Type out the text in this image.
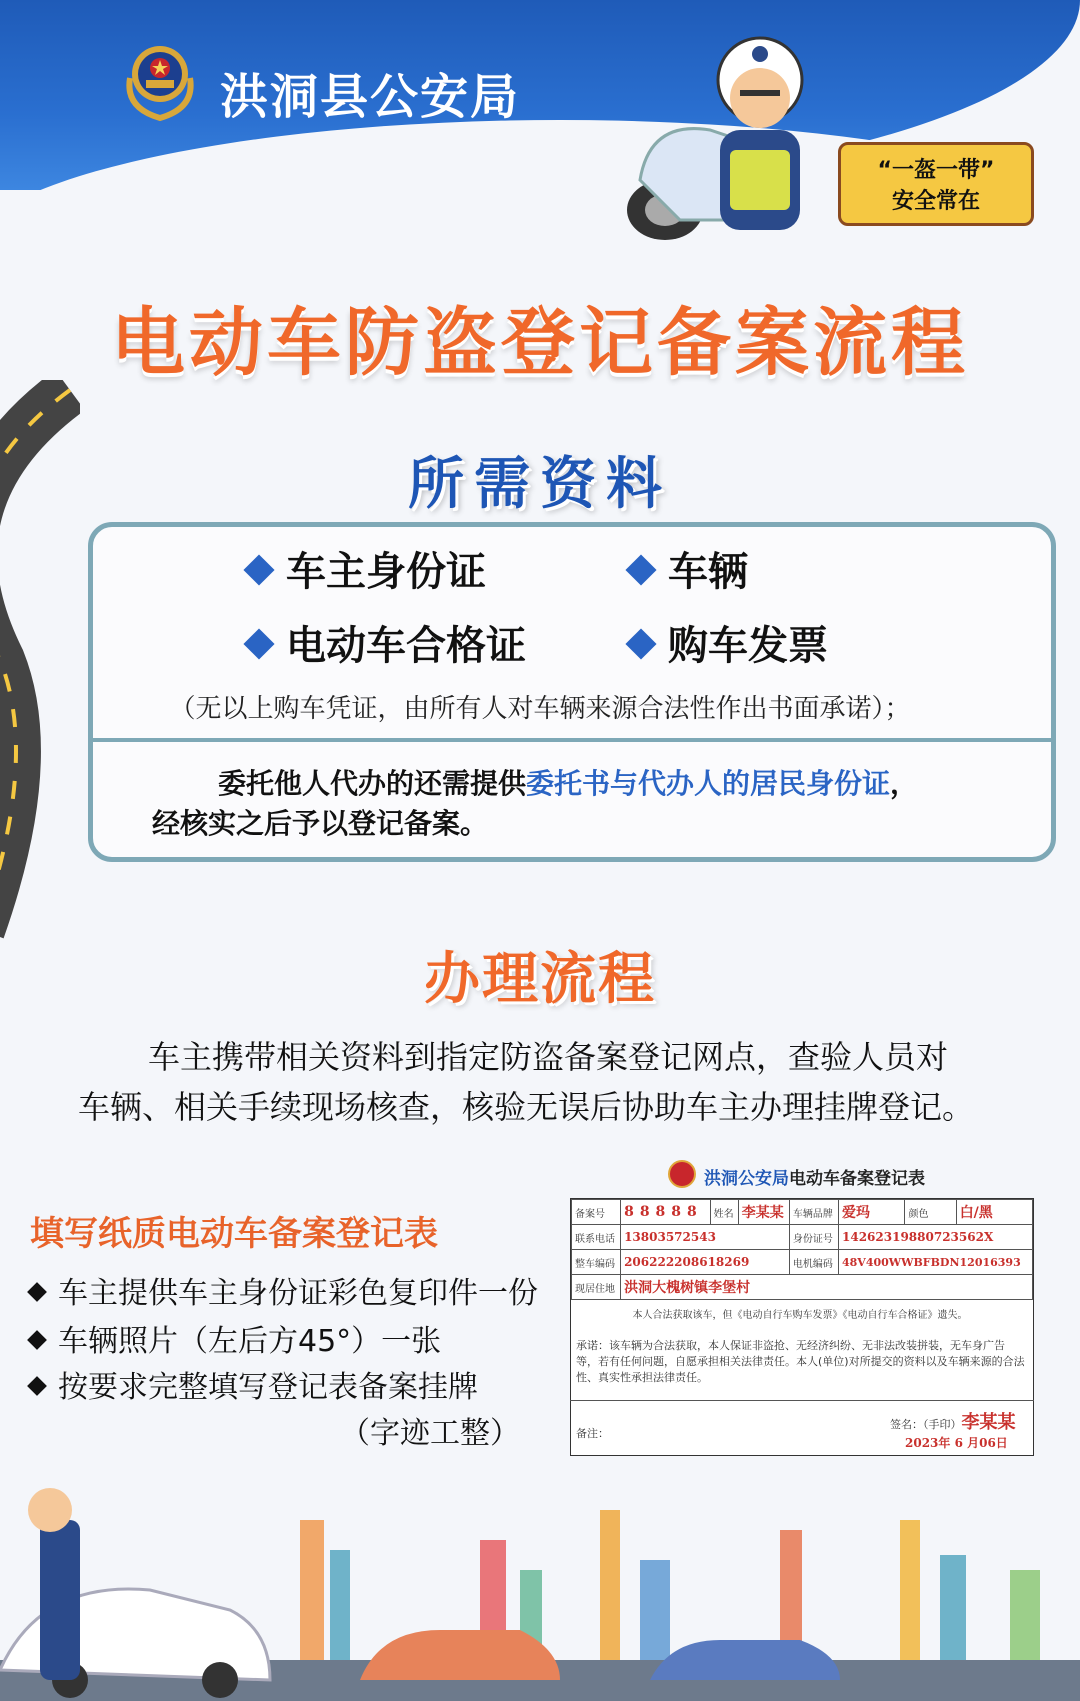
洪洞县公安局
“一盔一带”
安全常在
电动车防盗登记备案流程
所需资料
车主身份证	车辆
电动车合格证	购车发票
（无以上购车凭证，由所有人对车辆来源合法性作出书面承诺）；
委托他人代办的还需提供委托书与代办人的居民身份证，
经核实之后予以登记备案。
办理流程
车主携带相关资料到指定防盗备案登记网点，查验人员对
车辆、相关手续现场核查，核验无误后协助车主办理挂牌登记。
填写纸质电动车备案登记表
车主提供车主身份证彩色复印件一份
车辆照片（左后方45°）一张
按要求完整填写登记表备案挂牌
（字迹工整）
洪洞公安局电动车备案登记表
备案号	88888	姓名	李某某	车辆品牌	爱玛	颜色	白/黑
联系电话	13803572543			身份证号	14262319880723562X		
整车编码	206222208618269			电机编码	48V400WWBFBDN12016393		
现居住地	洪洞大槐树镇李堡村						
本人合法获取该车，但《电动自行车购车发票》《电动自行车合格证》遗失。
承诺：该车辆为合法获取，本人保证非盗抢、无经济纠纷、无非法改装拼装，无车身广告等，若有任何问题，自愿承担相关法律责任。本人(单位)对所提交的资料以及车辆来源的合法性、真实性承担法律责任。
备注：
签名：（手印）李某某
2023年 6 月06日
